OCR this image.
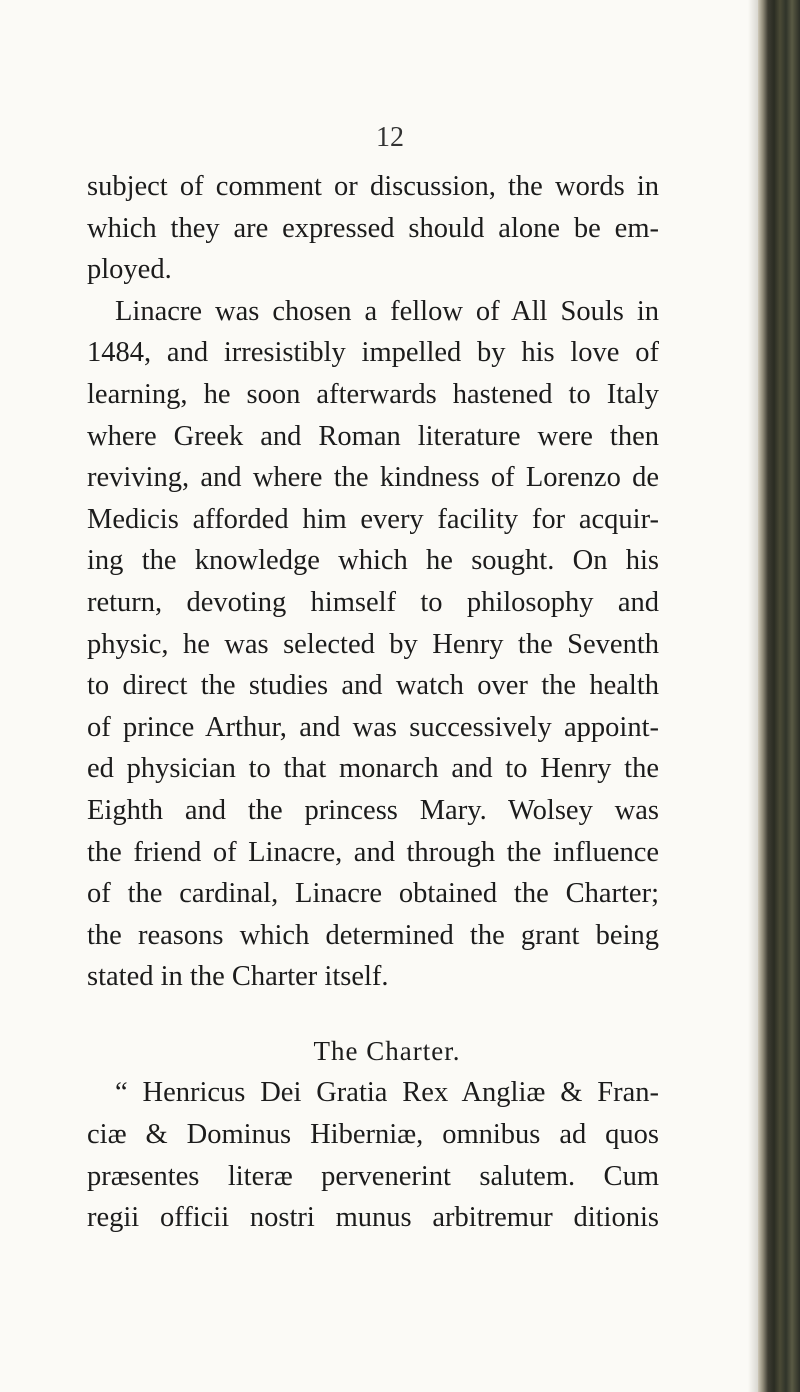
12
subject of comment or discussion, the words in
which they are expressed should alone be em-
ployed.
Linacre was chosen a fellow of All Souls in
1484, and irresistibly impelled by his love of
learning, he soon afterwards hastened to Italy
where Greek and Roman literature were then
reviving, and where the kindness of Lorenzo de
Medicis afforded him every facility for acquir-
ing the knowledge which he sought. On his
return, devoting himself to philosophy and
physic, he was selected by Henry the Seventh
to direct the studies and watch over the health
of prince Arthur, and was successively appoint-
ed physician to that monarch and to Henry the
Eighth and the princess Mary. Wolsey was
the friend of Linacre, and through the influence
of the cardinal, Linacre obtained the Charter;
the reasons which determined the grant being
stated in the Charter itself.
The Charter.
“ Henricus Dei Gratia Rex Angliæ & Fran-
ciæ & Dominus Hiberniæ, omnibus ad quos
præsentes literæ pervenerint salutem. Cum
regii officii nostri munus arbitremur ditionis
